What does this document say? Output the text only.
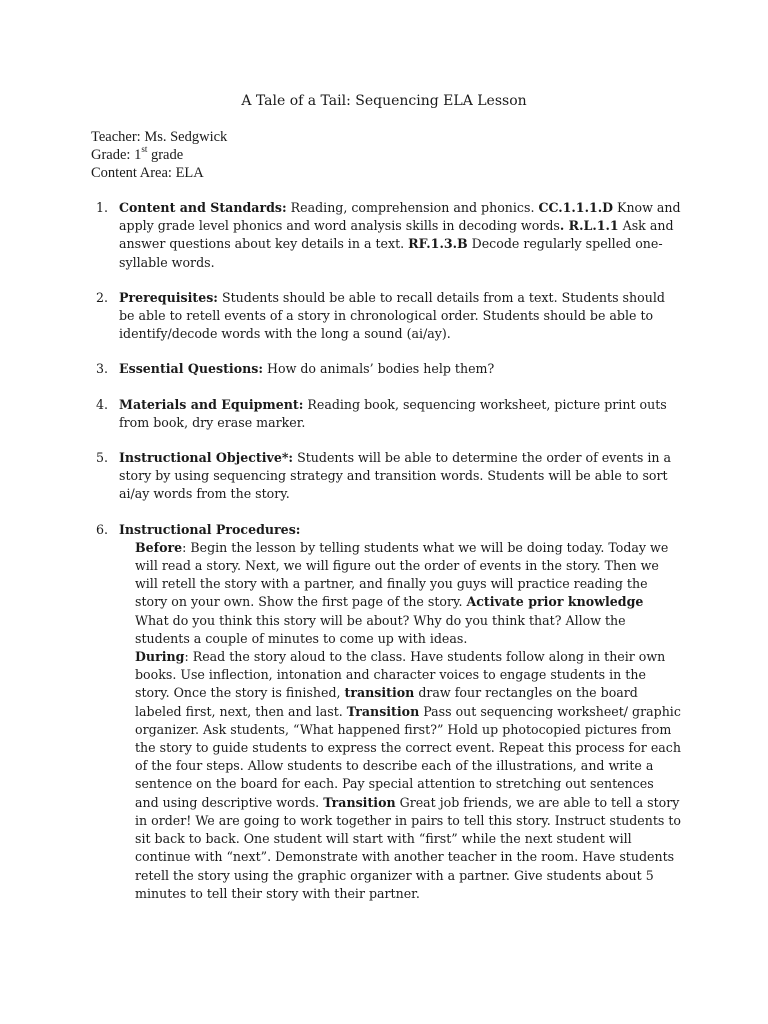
A Tale of a Tail: Sequencing ELA Lesson
Teacher: Ms. Sedgwick
Grade: 1st grade
Content Area: ELA
1. Content and Standards: Reading, comprehension and phonics. CC.1.1.1.D Know and apply grade level phonics and word analysis skills in decoding words. R.L.1.1 Ask and answer questions about key details in a text. RF.1.3.B Decode regularly spelled one-syllable words.
2. Prerequisites: Students should be able to recall details from a text. Students should be able to retell events of a story in chronological order. Students should be able to identify/decode words with the long a sound (ai/ay).
3. Essential Questions: How do animals’ bodies help them?
4. Materials and Equipment: Reading book, sequencing worksheet, picture print outs from book, dry erase marker.
5. Instructional Objective*: Students will be able to determine the order of events in a story by using sequencing strategy and transition words. Students will be able to sort ai/ay words from the story.
6. Instructional Procedures:
Before: Begin the lesson by telling students what we will be doing today. Today we will read a story. Next, we will figure out the order of events in the story. Then we will retell the story with a partner, and finally you guys will practice reading the story on your own. Show the first page of the story. Activate prior knowledge What do you think this story will be about? Why do you think that? Allow the students a couple of minutes to come up with ideas.
During: Read the story aloud to the class. Have students follow along in their own books. Use inflection, intonation and character voices to engage students in the story. Once the story is finished, transition draw four rectangles on the board labeled first, next, then and last. Transition Pass out sequencing worksheet/ graphic organizer. Ask students, “What happened first?” Hold up photocopied pictures from the story to guide students to express the correct event. Repeat this process for each of the four steps. Allow students to describe each of the illustrations, and write a sentence on the board for each. Pay special attention to stretching out sentences and using descriptive words. Transition Great job friends, we are able to tell a story in order! We are going to work together in pairs to tell this story. Instruct students to sit back to back. One student will start with “first” while the next student will continue with “next”. Demonstrate with another teacher in the room. Have students retell the story using the graphic organizer with a partner. Give students about 5 minutes to tell their story with their partner.
